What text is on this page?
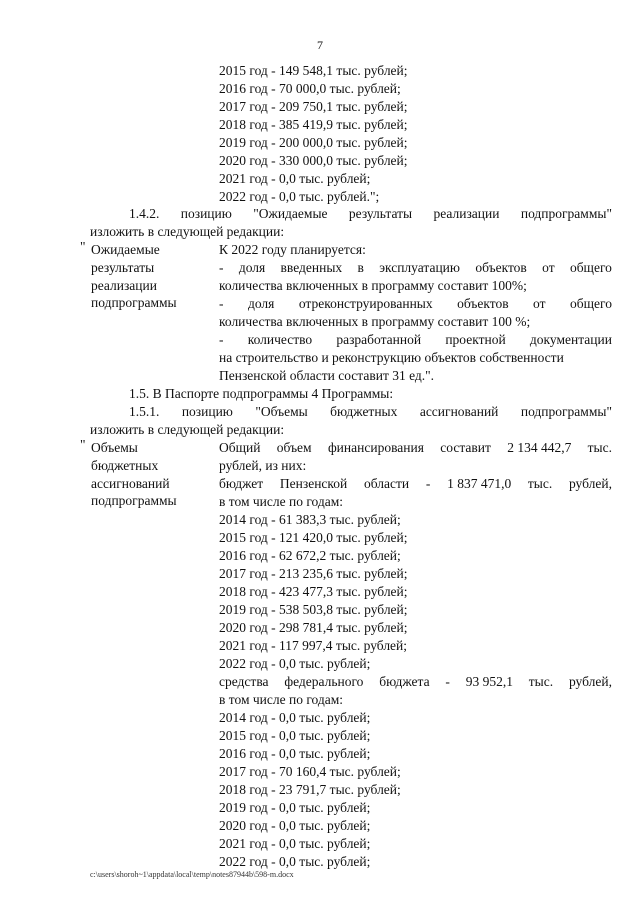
7
2015 год - 149 548,1 тыс. рублей;
2016 год - 70 000,0 тыс. рублей;
2017 год - 209 750,1 тыс. рублей;
2018 год - 385 419,9 тыс. рублей;
2019 год - 200 000,0 тыс. рублей;
2020 год - 330 000,0 тыс. рублей;
2021 год - 0,0 тыс. рублей;
2022 год - 0,0 тыс. рублей.";
1.4.2. позицию "Ожидаемые результаты реализации подпрограммы"
изложить в следующей редакции:
" Ожидаемые
результаты
реализации
подпрограммы
К 2022 году планируется:
- доля введенных в эксплуатацию объектов от общего
количества включенных в программу составит 100%;
- доля отреконструированных объектов от общего
количества включенных в программу составит 100 %;
- количество разработанной проектной документации
на строительство и реконструкцию объектов собственности
Пензенской области составит 31 ед.".
1.5. В Паспорте подпрограммы 4 Программы:
1.5.1. позицию "Объемы бюджетных ассигнований подпрограммы"
изложить в следующей редакции:
" Объемы
бюджетных
ассигнований
подпрограммы
Общий объем финансирования составит 2 134 442,7 тыс.
рублей, из них:
бюджет Пензенской области - 1 837 471,0 тыс. рублей,
в том числе по годам:
2014 год - 61 383,3 тыс. рублей;
2015 год - 121 420,0 тыс. рублей;
2016 год - 62 672,2 тыс. рублей;
2017 год - 213 235,6 тыс. рублей;
2018 год - 423 477,3 тыс. рублей;
2019 год - 538 503,8 тыс. рублей;
2020 год - 298 781,4 тыс. рублей;
2021 год - 117 997,4 тыс. рублей;
2022 год - 0,0 тыс. рублей;
средства федерального бюджета - 93 952,1 тыс. рублей,
в том числе по годам:
2014 год - 0,0 тыс. рублей;
2015 год - 0,0 тыс. рублей;
2016 год - 0,0 тыс. рублей;
2017 год - 70 160,4 тыс. рублей;
2018 год - 23 791,7 тыс. рублей;
2019 год - 0,0 тыс. рублей;
2020 год - 0,0 тыс. рублей;
2021 год - 0,0 тыс. рублей;
2022 год - 0,0 тыс. рублей;
c:\users\shoroh~1\appdata\local\temp\notes87944b\598-m.docx
